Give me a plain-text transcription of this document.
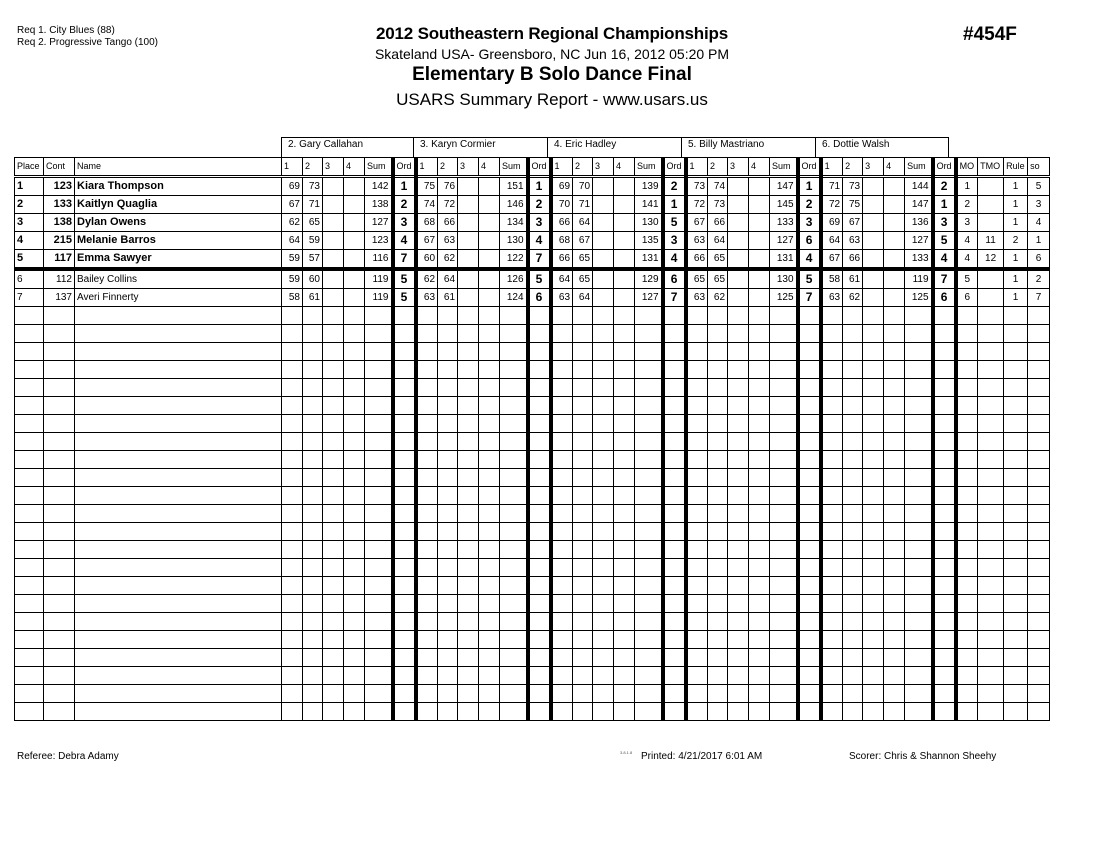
Req 1. City Blues (88)
Req 2. Progressive Tango (100)	2012 Southeastern Regional Championships
Skateland USA- Greensboro, NC Jun 16, 2012 05:20 PM
Elementary B Solo Dance Final
USARS Summary Report - www.usars.us
#454F
2. Gary Callahan	3. Karyn Cormier	4. Eric Hadley	5. Billy Mastriano	6. Dottie Walsh
Place	Cont	Name	1	2	3	4	Sum	Ord	1	2	3	4	Sum	Ord	1	2	3	4	Sum	Ord	1	2	3	4	Sum	Ord	1	2	3	4	Sum	Ord	MO	TMO	Rule	so
1	123	Kiara Thompson	69	73			142	1	75	76			151	1	69	70			139	2	73	74			147	1	71	73			144	2	1		1	5
2	133	Kaitlyn Quaglia	67	71			138	2	74	72			146	2	70	71			141	1	72	73			145	2	72	75			147	1	2		1	3
3	138	Dylan Owens	62	65			127	3	68	66			134	3	66	64			130	5	67	66			133	3	69	67			136	3	3		1	4
4	215	Melanie Barros	64	59			123	4	67	63			130	4	68	67			135	3	63	64			127	6	64	63			127	5	4	11	2	1
5	117	Emma Sawyer	59	57			116	7	60	62			122	7	66	65			131	4	66	65			131	4	67	66			133	4	4	12	1	6
6	112	Bailey Collins	59	60			119	5	62	64			126	5	64	65			129	6	65	65			130	5	58	61			119	7	5		1	2
7	137	Averi Finnerty	58	61			119	5	63	61			124	6	63	64			127	7	63	62			125	7	63	62			125	6	6		1	7

Referee: Debra Adamy	3.8.1.8 Printed: 4/21/2017 6:01 AM	Scorer: Chris & Shannon Sheehy
